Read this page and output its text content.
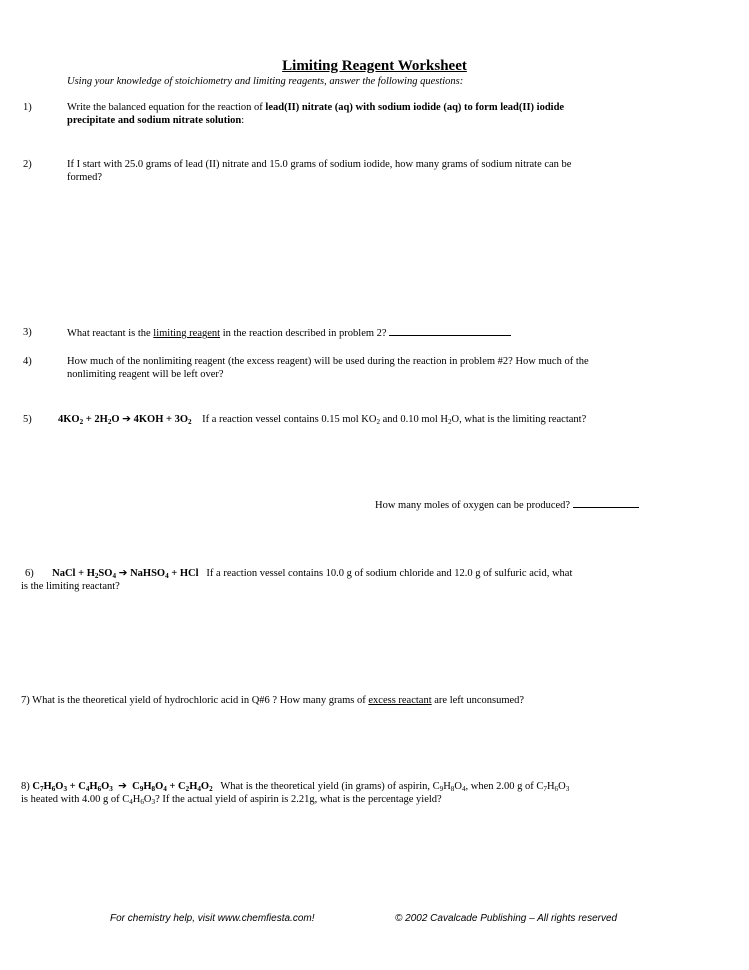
Limiting Reagent Worksheet
Using your knowledge of stoichiometry and limiting reagents, answer the following questions:
1)	Write the balanced equation for the reaction of lead(II) nitrate (aq) with sodium iodide (aq) to form lead(II) iodide
precipitate and sodium nitrate solution:
2)	If I start with 25.0 grams of lead (II) nitrate and 15.0 grams of sodium iodide, how many grams of sodium nitrate can be
formed?
3)	What reactant is the limiting reagent in the reaction described in problem 2?
4)	How much of the nonlimiting reagent (the excess reagent) will be used during the reaction in problem #2? How much of the
nonlimiting reagent will be left over?
5)	$4KO_2 + 2H_2O$ ➔ $4KOH + 3O_2$ If a reaction vessel contains 0.15 mol $KO_2$ and 0.10 mol $H_2O$, what is the limiting reactant?
How many moles of oxygen can be produced?
6) NaCl + $H_2SO_4$ ➔ NaHSO$_4$ + HCl If a reaction vessel contains 10.0 g of sodium chloride and 12.0 g of sulfuric acid, what
is the limiting reactant?
7) What is the theoretical yield of hydrochloric acid in Q#6 ? How many grams of excess reactant are left unconsumed?
8) $C_7H_6O_3 + C_4H_6O_3$ ➔  $C_9H_8O_4 + C_2H_4O_2$ What is the theoretical yield (in grams) of aspirin, $C_9H_8O_4$, when 2.00 g of $C_7H_6O_3$
is heated with 4.00 g of $C_4H_6O_3$? If the actual yield of aspirin is 2.21g, what is the percentage yield?
For chemistry help, visit www.chemfiesta.com!	© 2002 Cavalcade Publishing – All rights reserved
